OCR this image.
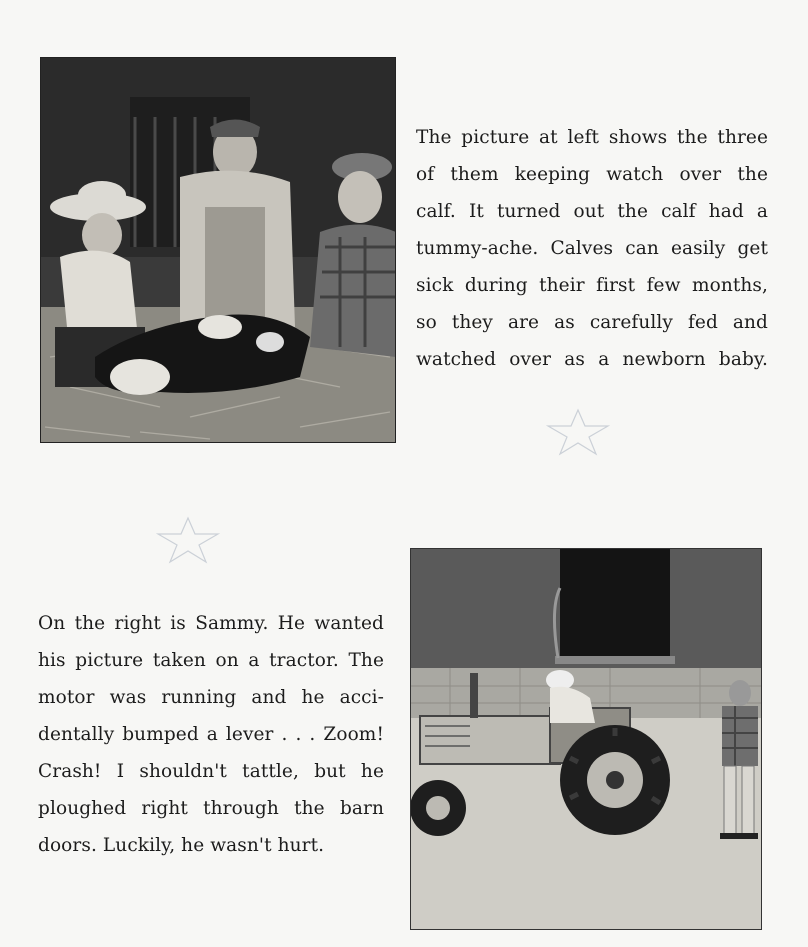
The picture at left shows the three
of them keeping watch over the
calf. It turned out the calf had a
tummy-ache. Calves can easily get
sick during their first few months,
so they are as carefully fed and
watched over as a newborn baby.
On the right is Sammy. He wanted
his picture taken on a tractor. The
motor was running and he acci-
dentally bumped a lever . . . Zoom!
Crash! I shouldn't tattle, but he
ploughed right through the barn
doors. Luckily, he wasn't hurt.
